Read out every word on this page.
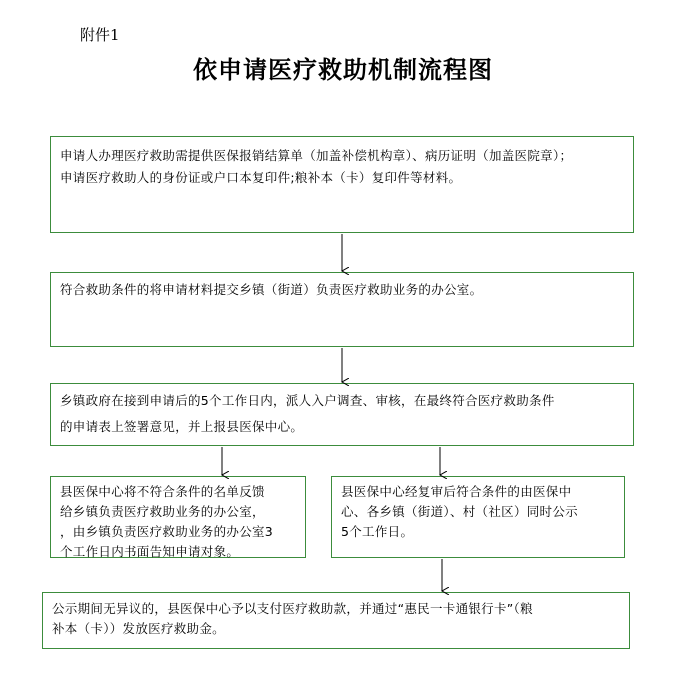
附件1
依申请医疗救助机制流程图

申请人办理医疗救助需提供医保报销结算单（加盖补偿机构章）、病历证明（加盖医院章）；

申请医疗救助人的身份证或户口本复印件;粮补本（卡）复印件等材料。

符合救助条件的将申请材料提交乡镇（街道）负责医疗救助业务的办公室。

乡镇政府在接到申请后的5个工作日内，派人入户调查、审核，在最终符合医疗救助条件

的申请表上签署意见，并上报县医保中心。

县医保中心将不符合条件的名单反馈

给乡镇负责医疗救助业务的办公室，

，由乡镇负责医疗救助业务的办公室3

个工作日内书面告知申请对象。

县医保中心经复审后符合条件的由医保中

心、各乡镇（街道）、村（社区）同时公示

5个工作日。

公示期间无异议的，县医保中心予以支付医疗救助款，并通过“惠民一卡通银行卡”（粮

补本（卡））发放医疗救助金。
